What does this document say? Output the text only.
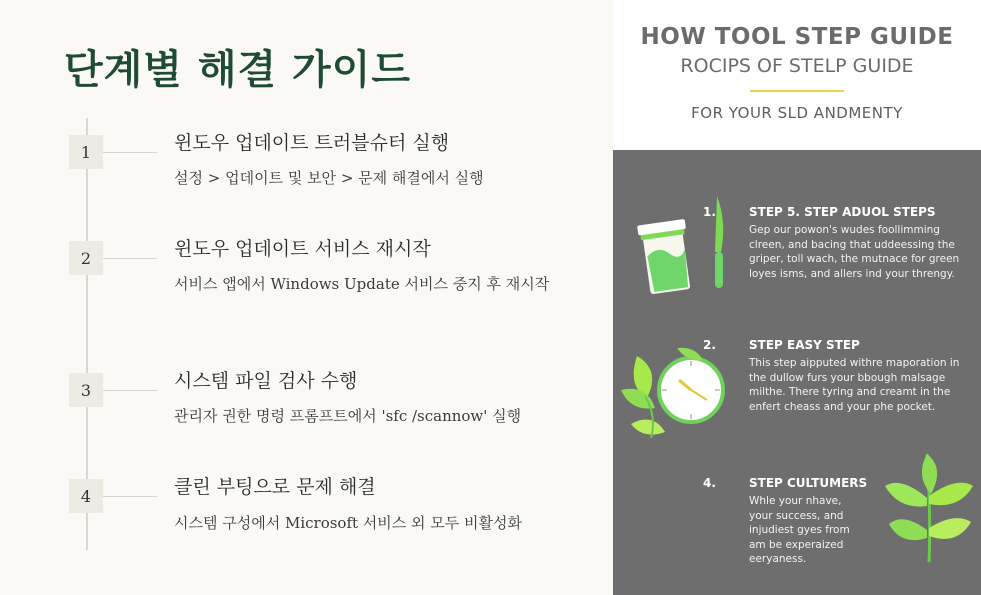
단계별 해결 가이드
1	윈도우 업데이트 트러블슈터 실행
설정 > 업데이트 및 보안 > 문제 해결에서 실행
2	윈도우 업데이트 서비스 재시작
서비스 앱에서 Windows Update 서비스 중지 후 재시작
3	시스템 파일 검사 수행
관리자 권한 명령 프롬프트에서 'sfc /scannow' 실행
4	클린 부팅으로 문제 해결
시스템 구성에서 Microsoft 서비스 외 모두 비활성화
HOW TOOL STEP GUIDE
ROCIPS OF STELP GUIDE
FOR YOUR SLD ANDMENTY
1.	STEP 5. STEP ADUOL STEPS
Gep our powon's wudes foollimming clreen, and bacing that uddeessing the griper, toll wach, the mutnace for green loyes isms, and allers ind your threngy.
2.	STEP EASY STEP
This step aipputed withre maporation in the dullow furs your bbough malsage milthe. There tyring and creamt in the enfert cheass and your phe pocket.
4.	STEP CULTUMERS
Whle your nhave, your success, and injudiest gyes from am be experaized eeryaness.
